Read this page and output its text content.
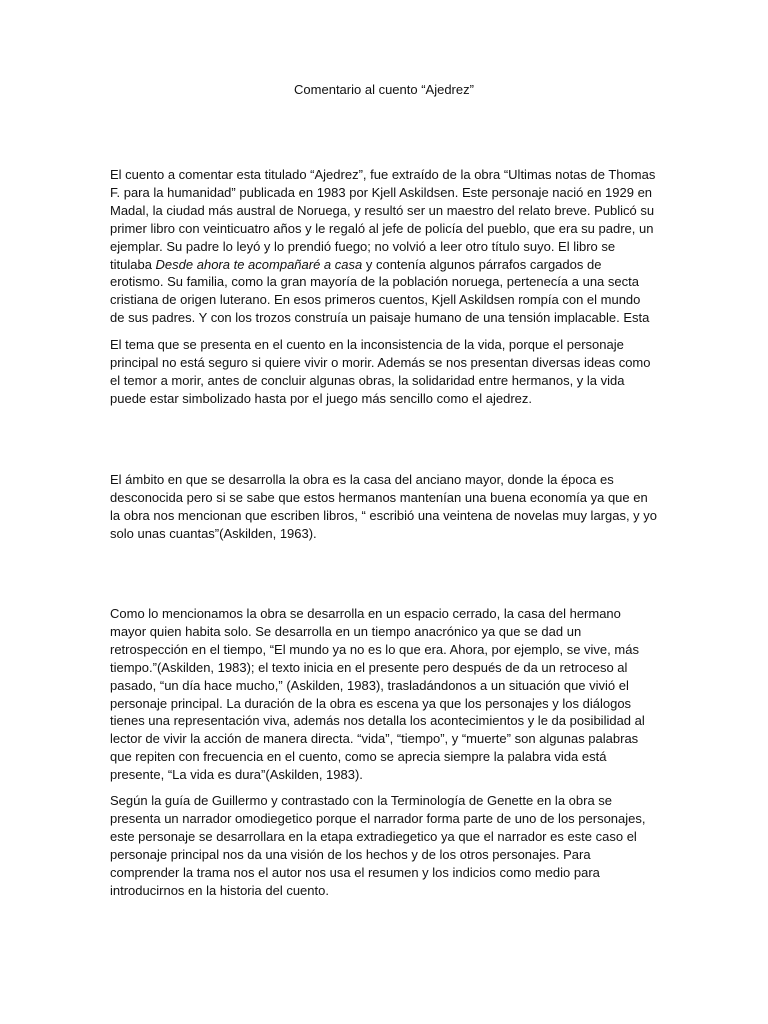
Comentario al cuento “Ajedrez”

El cuento a comentar esta titulado “Ajedrez”, fue extraído de la obra “Ultimas notas de Thomas F. para la humanidad” publicada en 1983 por Kjell Askildsen. Este personaje nació en 1929 en Madal, la ciudad más austral de Noruega, y resultó ser un maestro del relato breve. Publicó su primer libro con veinticuatro años y le regaló al jefe de policía del pueblo, que era su padre, un ejemplar. Su padre lo leyó y lo prendió fuego; no volvió a leer otro título suyo. El libro se titulaba Desde ahora te acompañaré a casa y contenía algunos párrafos cargados de erotismo. Su familia, como la gran mayoría de la población noruega, pertenecía a una secta cristiana de origen luterano. En esos primeros cuentos, Kjell Askildsen rompía con el mundo de sus padres. Y con los trozos construía un paisaje humano de una tensión implacable. Esta

El tema que se presenta en el cuento en la inconsistencia de la vida, porque el personaje principal no está seguro si quiere vivir o morir. Además se nos presentan diversas ideas como el temor a morir, antes de concluir algunas obras, la solidaridad entre hermanos, y la vida puede estar simbolizado hasta por el juego más sencillo como el ajedrez.

El ámbito en que se desarrolla la obra es la casa del anciano mayor, donde la época es desconocida pero si se sabe que estos hermanos mantenían una buena economía ya que en la obra nos mencionan que escriben libros, “ escribió una veintena de novelas muy largas, y yo solo unas cuantas”(Askilden, 1963).

Como lo mencionamos la obra se desarrolla en un espacio cerrado, la casa del hermano mayor quien habita solo. Se desarrolla en un tiempo anacrónico ya que se dad un retrospección en el tiempo, “El mundo ya no es lo que era. Ahora, por ejemplo, se vive, más tiempo.”(Askilden, 1983); el texto inicia en el presente pero después de da un retroceso al pasado, “un día hace mucho,” (Askilden, 1983), trasladándonos a un situación que vivió el personaje principal. La duración de la obra es escena ya que los personajes y los diálogos tienes una representación viva, además nos detalla los acontecimientos y le da posibilidad al lector de vivir la acción de manera directa. “vida”, “tiempo”, y “muerte” son algunas palabras que repiten con frecuencia en el cuento, como se aprecia siempre la palabra vida está presente, “La vida es dura”(Askilden, 1983).

Según la guía de Guillermo y contrastado con la Terminología de Genette en la obra se presenta un narrador omodiegetico porque el narrador forma parte de uno de los personajes, este personaje se desarrollara en la etapa extradiegetico ya que el narrador es este caso el personaje principal nos da una visión de los hechos y de los otros personajes. Para comprender la trama nos el autor nos usa el resumen y los indicios como medio para introducirnos en la historia del cuento.
